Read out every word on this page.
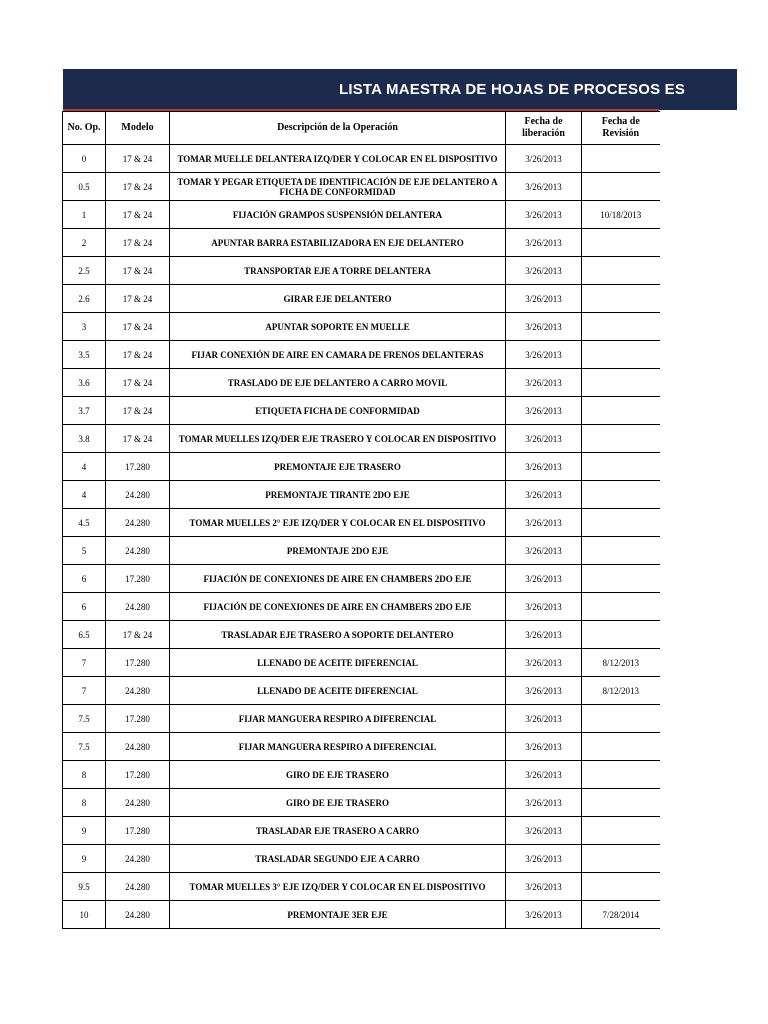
LISTA MAESTRA DE HOJAS DE PROCESOS ES
No. Op.	Modelo	Descripción de la Operación	Fecha de liberación	Fecha de Revisión
0	17 & 24	TOMAR MUELLE DELANTERA IZQ/DER Y COLOCAR EN EL DISPOSITIVO	3/26/2013	
0.5	17 & 24	TOMAR Y PEGAR ETIQUETA DE IDENTIFICACIÓN DE EJE DELANTERO A FICHA DE CONFORMIDAD	3/26/2013	
1	17 & 24	FIJACIÓN GRAMPOS SUSPENSIÓN DELANTERA	3/26/2013	10/18/2013
2	17 & 24	APUNTAR BARRA ESTABILIZADORA EN EJE DELANTERO	3/26/2013	
2.5	17 & 24	TRANSPORTAR EJE A TORRE DELANTERA	3/26/2013	
2.6	17 & 24	GIRAR EJE DELANTERO	3/26/2013	
3	17 & 24	APUNTAR SOPORTE EN MUELLE	3/26/2013	
3.5	17 & 24	FIJAR CONEXIÓN DE AIRE EN CAMARA DE FRENOS DELANTERAS	3/26/2013	
3.6	17 & 24	TRASLADO DE EJE DELANTERO A CARRO MOVIL	3/26/2013	
3.7	17 & 24	ETIQUETA FICHA DE CONFORMIDAD	3/26/2013	
3.8	17 & 24	TOMAR MUELLES IZQ/DER EJE TRASERO Y COLOCAR EN DISPOSITIVO	3/26/2013	
4	17.280	PREMONTAJE EJE TRASERO	3/26/2013	
4	24.280	PREMONTAJE TIRANTE 2DO EJE	3/26/2013	
4.5	24.280	TOMAR MUELLES 2° EJE IZQ/DER Y COLOCAR EN EL DISPOSITIVO	3/26/2013	
5	24.280	PREMONTAJE 2DO EJE	3/26/2013	
6	17.280	FIJACIÓN DE CONEXIONES DE AIRE EN CHAMBERS 2DO EJE	3/26/2013	
6	24.280	FIJACIÓN DE CONEXIONES DE AIRE EN CHAMBERS 2DO EJE	3/26/2013	
6.5	17 & 24	TRASLADAR EJE TRASERO A SOPORTE DELANTERO	3/26/2013	
7	17.280	LLENADO DE ACEITE DIFERENCIAL	3/26/2013	8/12/2013
7	24.280	LLENADO DE ACEITE DIFERENCIAL	3/26/2013	8/12/2013
7.5	17.280	FIJAR MANGUERA RESPIRO A DIFERENCIAL	3/26/2013	
7.5	24.280	FIJAR MANGUERA RESPIRO A DIFERENCIAL	3/26/2013	
8	17.280	GIRO DE EJE TRASERO	3/26/2013	
8	24.280	GIRO DE EJE TRASERO	3/26/2013	
9	17.280	TRASLADAR EJE TRASERO A CARRO	3/26/2013	
9	24.280	TRASLADAR SEGUNDO EJE A CARRO	3/26/2013	
9.5	24.280	TOMAR MUELLES 3° EJE IZQ/DER Y COLOCAR EN EL DISPOSITIVO	3/26/2013	
10	24.280	PREMONTAJE 3ER EJE	3/26/2013	7/28/2014
